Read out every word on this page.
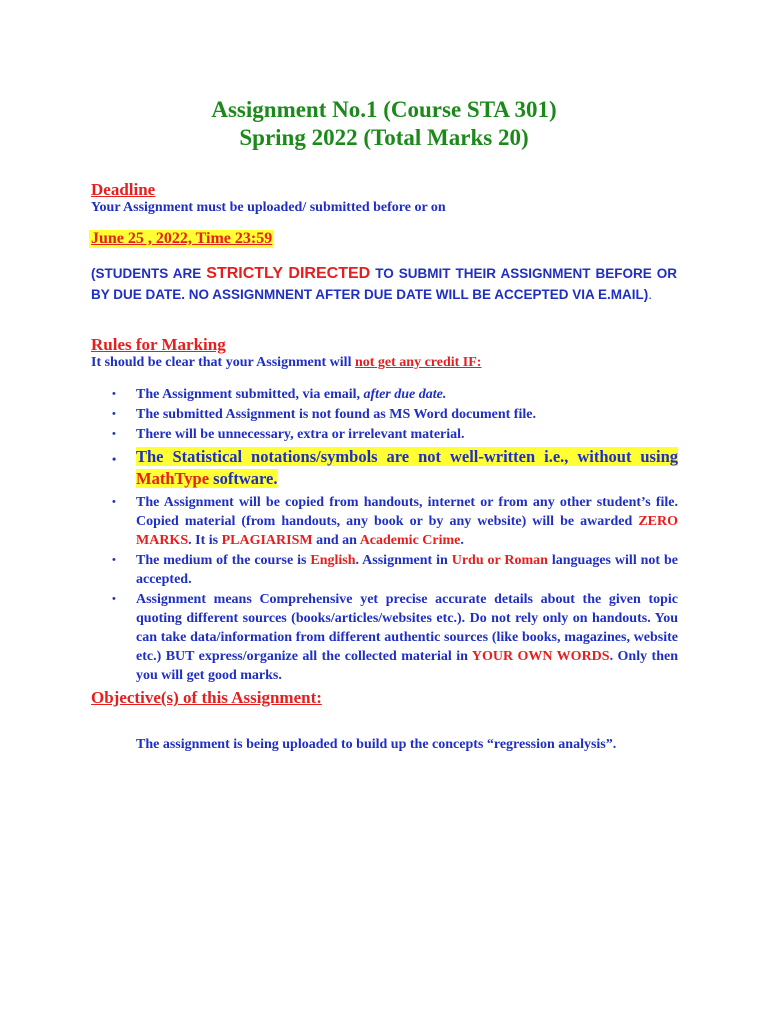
Assignment No.1 (Course STA 301)
Spring 2022 (Total Marks 20)
Deadline
Your Assignment must be uploaded/ submitted before or on
June 25 , 2022, Time 23:59
(STUDENTS ARE STRICTLY DIRECTED TO SUBMIT THEIR ASSIGNMENT BEFORE OR BY DUE DATE. NO ASSIGNMNENT AFTER DUE DATE WILL BE ACCEPTED VIA E.MAIL).
Rules for Marking
It should be clear that your Assignment will not get any credit IF:
• The Assignment submitted, via email, after due date.
• The submitted Assignment is not found as MS Word document file.
• There will be unnecessary, extra or irrelevant material.
• The Statistical notations/symbols are not well-written i.e., without using MathType software.
• The Assignment will be copied from handouts, internet or from any other student’s file. Copied material (from handouts, any book or by any website) will be awarded ZERO MARKS. It is PLAGIARISM and an Academic Crime.
• The medium of the course is English. Assignment in Urdu or Roman languages will not be accepted.
• Assignment means Comprehensive yet precise accurate details about the given topic quoting different sources (books/articles/websites etc.). Do not rely only on handouts. You can take data/information from different authentic sources (like books, magazines, website etc.) BUT express/organize all the collected material in YOUR OWN WORDS. Only then you will get good marks.
Objective(s) of this Assignment:
The assignment is being uploaded to build up the concepts “regression analysis”.
